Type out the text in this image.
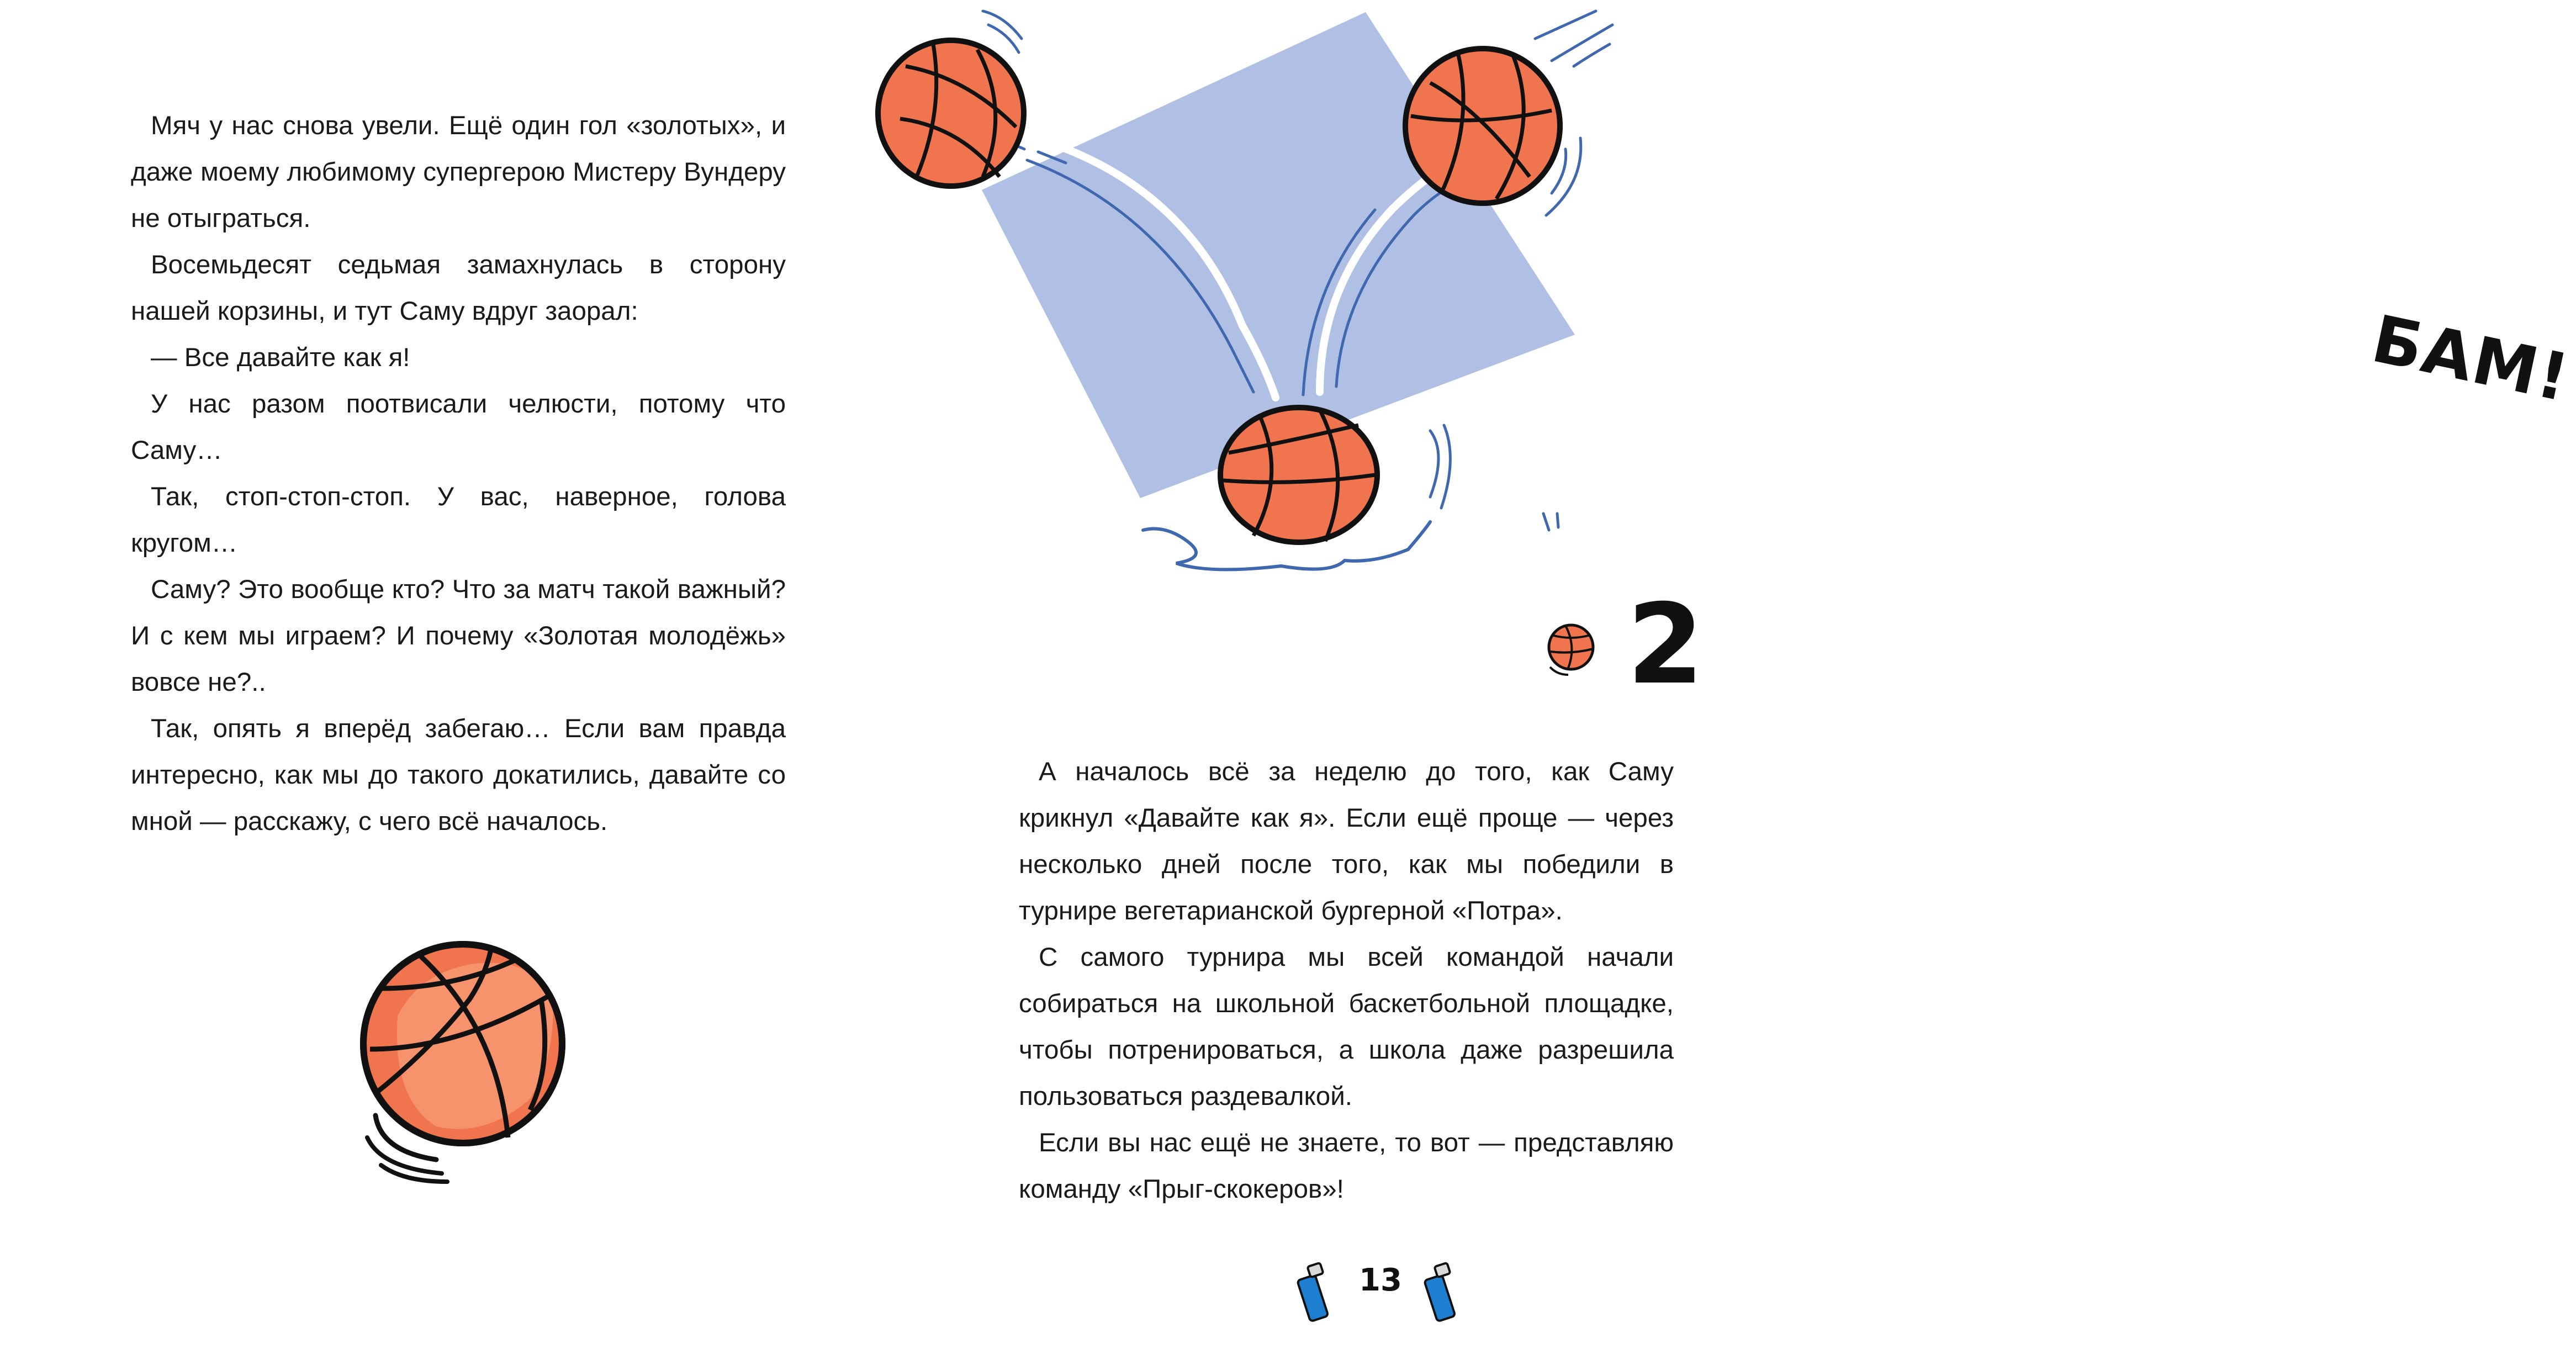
Мяч у нас снова увели. Ещё один гол «золотых», и даже моему любимому супергерою Мистеру Вундеру не отыграться.

Восемьдесят седьмая замахнулась в сторону нашей корзины, и тут Саму вдруг заорал:

— Все давайте как я!

У нас разом поотвисали челюсти, потому что Саму…

Так, стоп-стоп-стоп. У вас, наверное, голова кругом…

Саму? Это вообще кто? Что за матч такой важный? И с кем мы играем? И почему «Золотая молодёжь» вовсе не?..

Так, опять я вперёд забегаю… Если вам правда интересно, как мы до такого докатились, давайте со мной — расскажу, с чего всё началось.

БАМ!
2

А началось всё за неделю до того, как Саму крикнул «Давайте как я». Если ещё проще — через несколько дней после того, как мы победили в турнире вегетарианской бургерной «Потра».

С самого турнира мы всей командой начали собираться на школьной баскетбольной площадке, чтобы потренироваться, а школа даже разрешила пользоваться раздевалкой.

Если вы нас ещё не знаете, то вот — представляю команду «Прыг-скокеров»!

13
